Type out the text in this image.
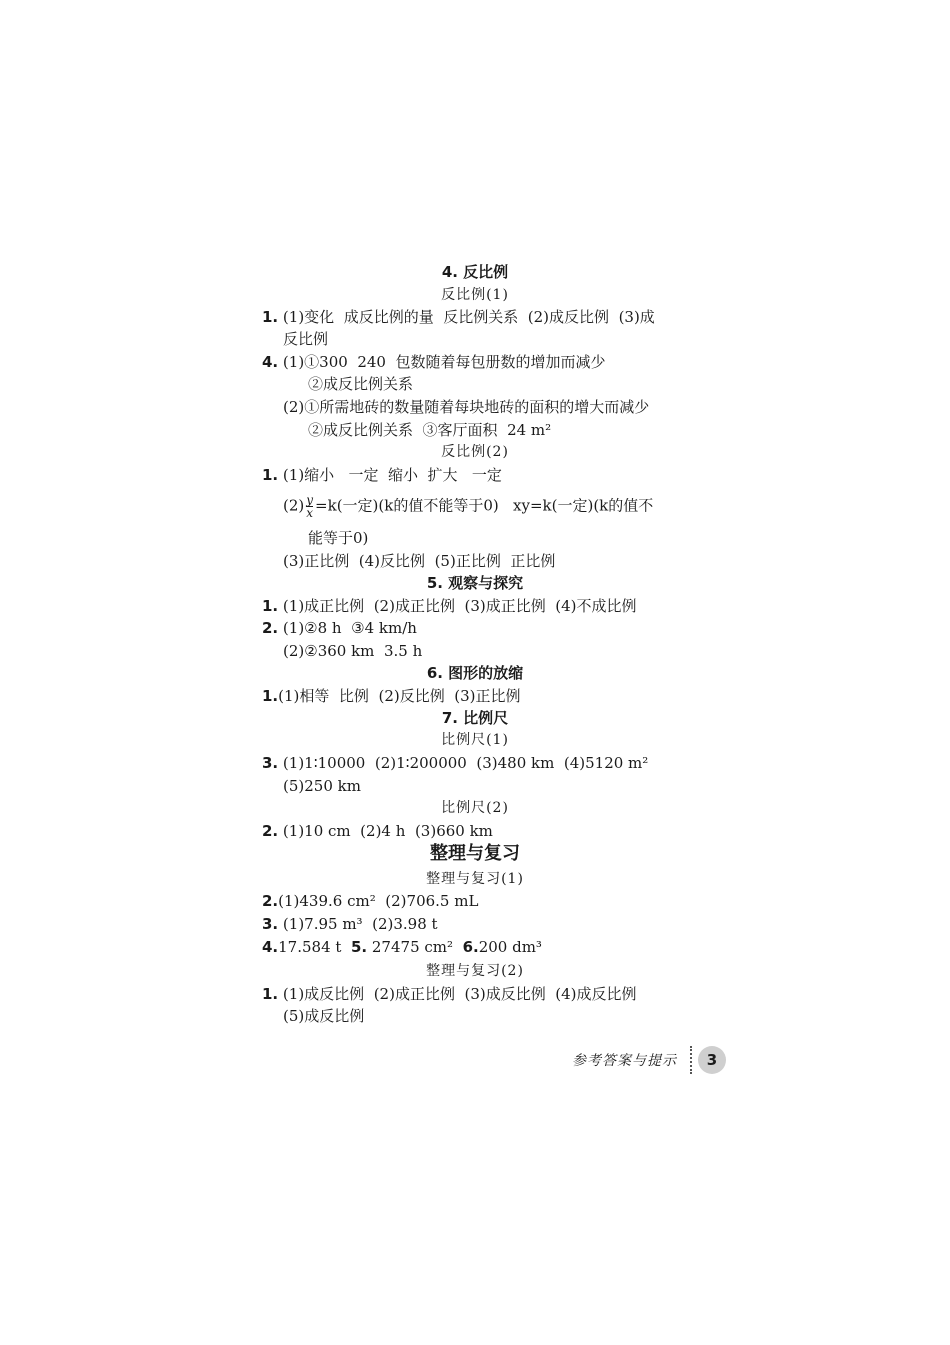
4. 反比例
反比例(1)
1. (1)变化  成反比例的量  反比例关系  (2)成反比例  (3)成
反比例
4. (1)①300  240  包数随着每包册数的增加而减少
②成反比例关系
(2)①所需地砖的数量随着每块地砖的面积的增大而减少
②成反比例关系  ③客厅面积  24 m²
反比例(2)
1. (1)缩小   一定  缩小  扩大   一定
$(2) \frac{y}{x} =k$(一定)(k的值不能等于0)   xy=k(一定)(k的值不
能等于0)
(3)正比例  (4)反比例  (5)正比例  正比例
5. 观察与探究
1. (1)成正比例  (2)成正比例  (3)成正比例  (4)不成比例
2. (1)②8 h  ③4 km/h
(2)②360 km  3.5 h
6. 图形的放缩
1.(1)相等  比例  (2)反比例  (3)正比例
7. 比例尺
比例尺(1)
3. (1)1∶10000  (2)1∶200000  (3)480 km  (4)5120 m²
(5)250 km
比例尺(2)
2. (1)10 cm  (2)4 h  (3)660 km
整理与复习
整理与复习(1)
2.(1)439.6 cm²  (2)706.5 mL
3. (1)7.95 m³  (2)3.98 t
4.17.584 t 5. 27475 cm² 6.200 dm³
整理与复习(2)
1. (1)成反比例  (2)成正比例  (3)成反比例  (4)成反比例
(5)成反比例
参考答案与提示	3
